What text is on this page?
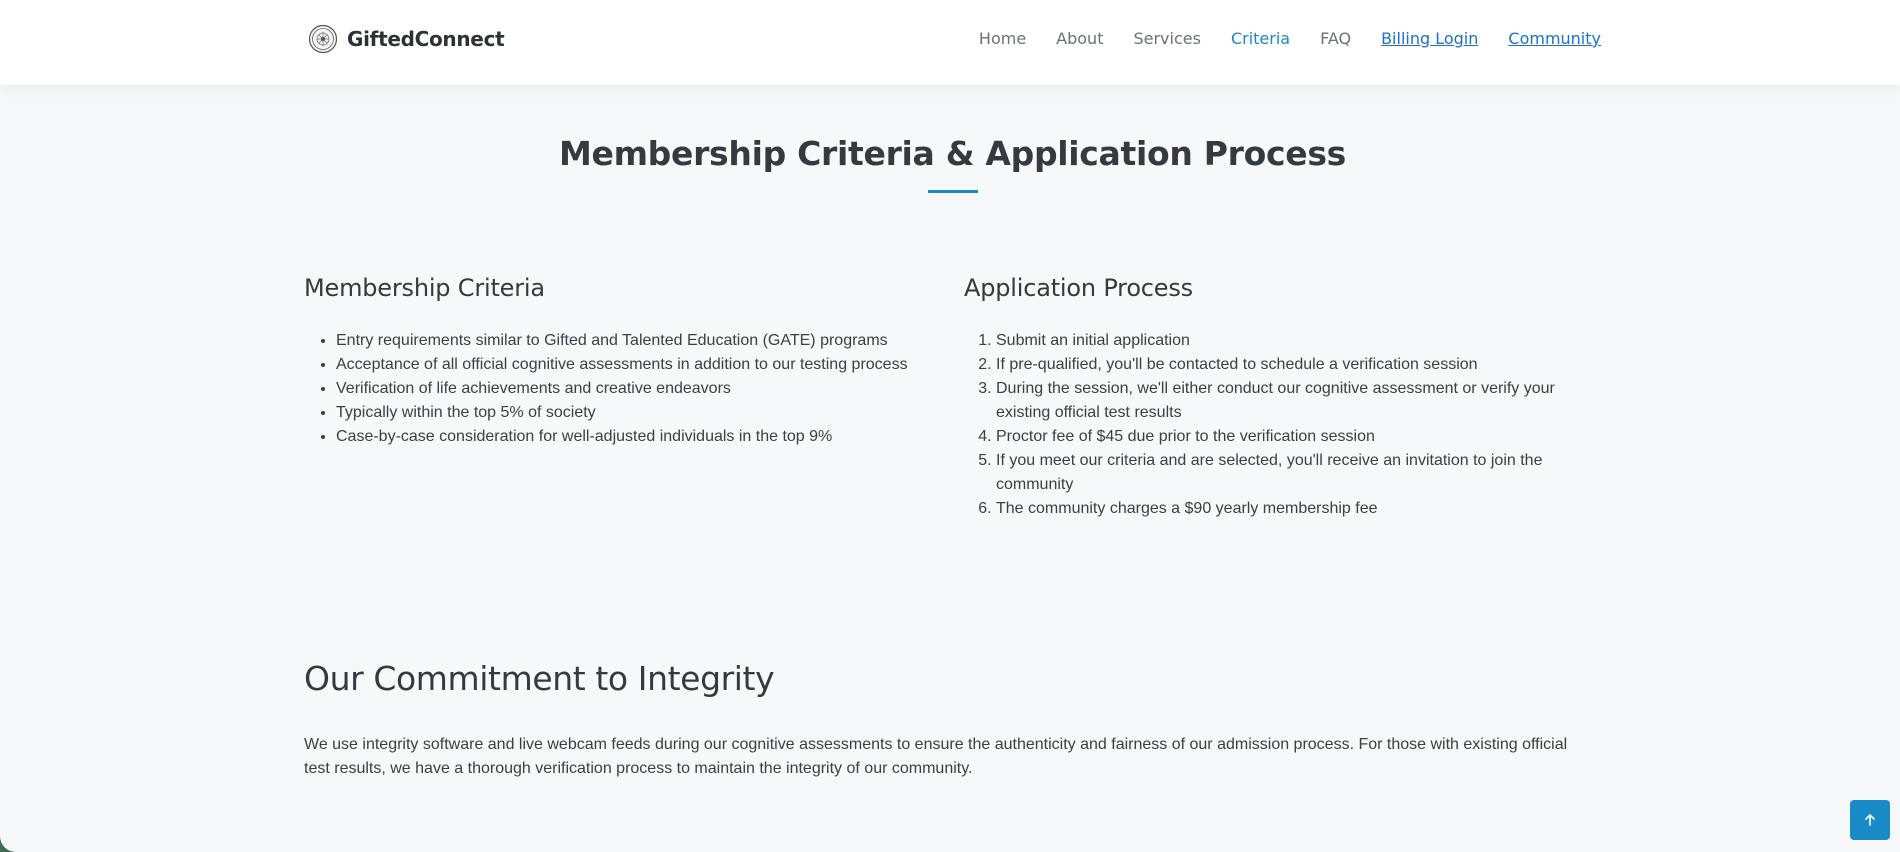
GiftedConnect	Home About Services Criteria FAQ Billing Login Community
Membership Criteria & Application Process
Membership Criteria
• Entry requirements similar to Gifted and Talented Education (GATE) programs
• Acceptance of all official cognitive assessments in addition to our testing process
• Verification of life achievements and creative endeavors
• Typically within the top 5% of society
• Case-by-case consideration for well-adjusted individuals in the top 9%
Application Process
1. Submit an initial application
2. If pre-qualified, you'll be contacted to schedule a verification session
3. During the session, we'll either conduct our cognitive assessment or verify your existing official test results
4. Proctor fee of $45 due prior to the verification session
5. If you meet our criteria and are selected, you'll receive an invitation to join the community
6. The community charges a $90 yearly membership fee
Our Commitment to Integrity

We use integrity software and live webcam feeds during our cognitive assessments to ensure the authenticity and fairness of our admission process. For those with existing official test results, we have a thorough verification process to maintain the integrity of our community.
